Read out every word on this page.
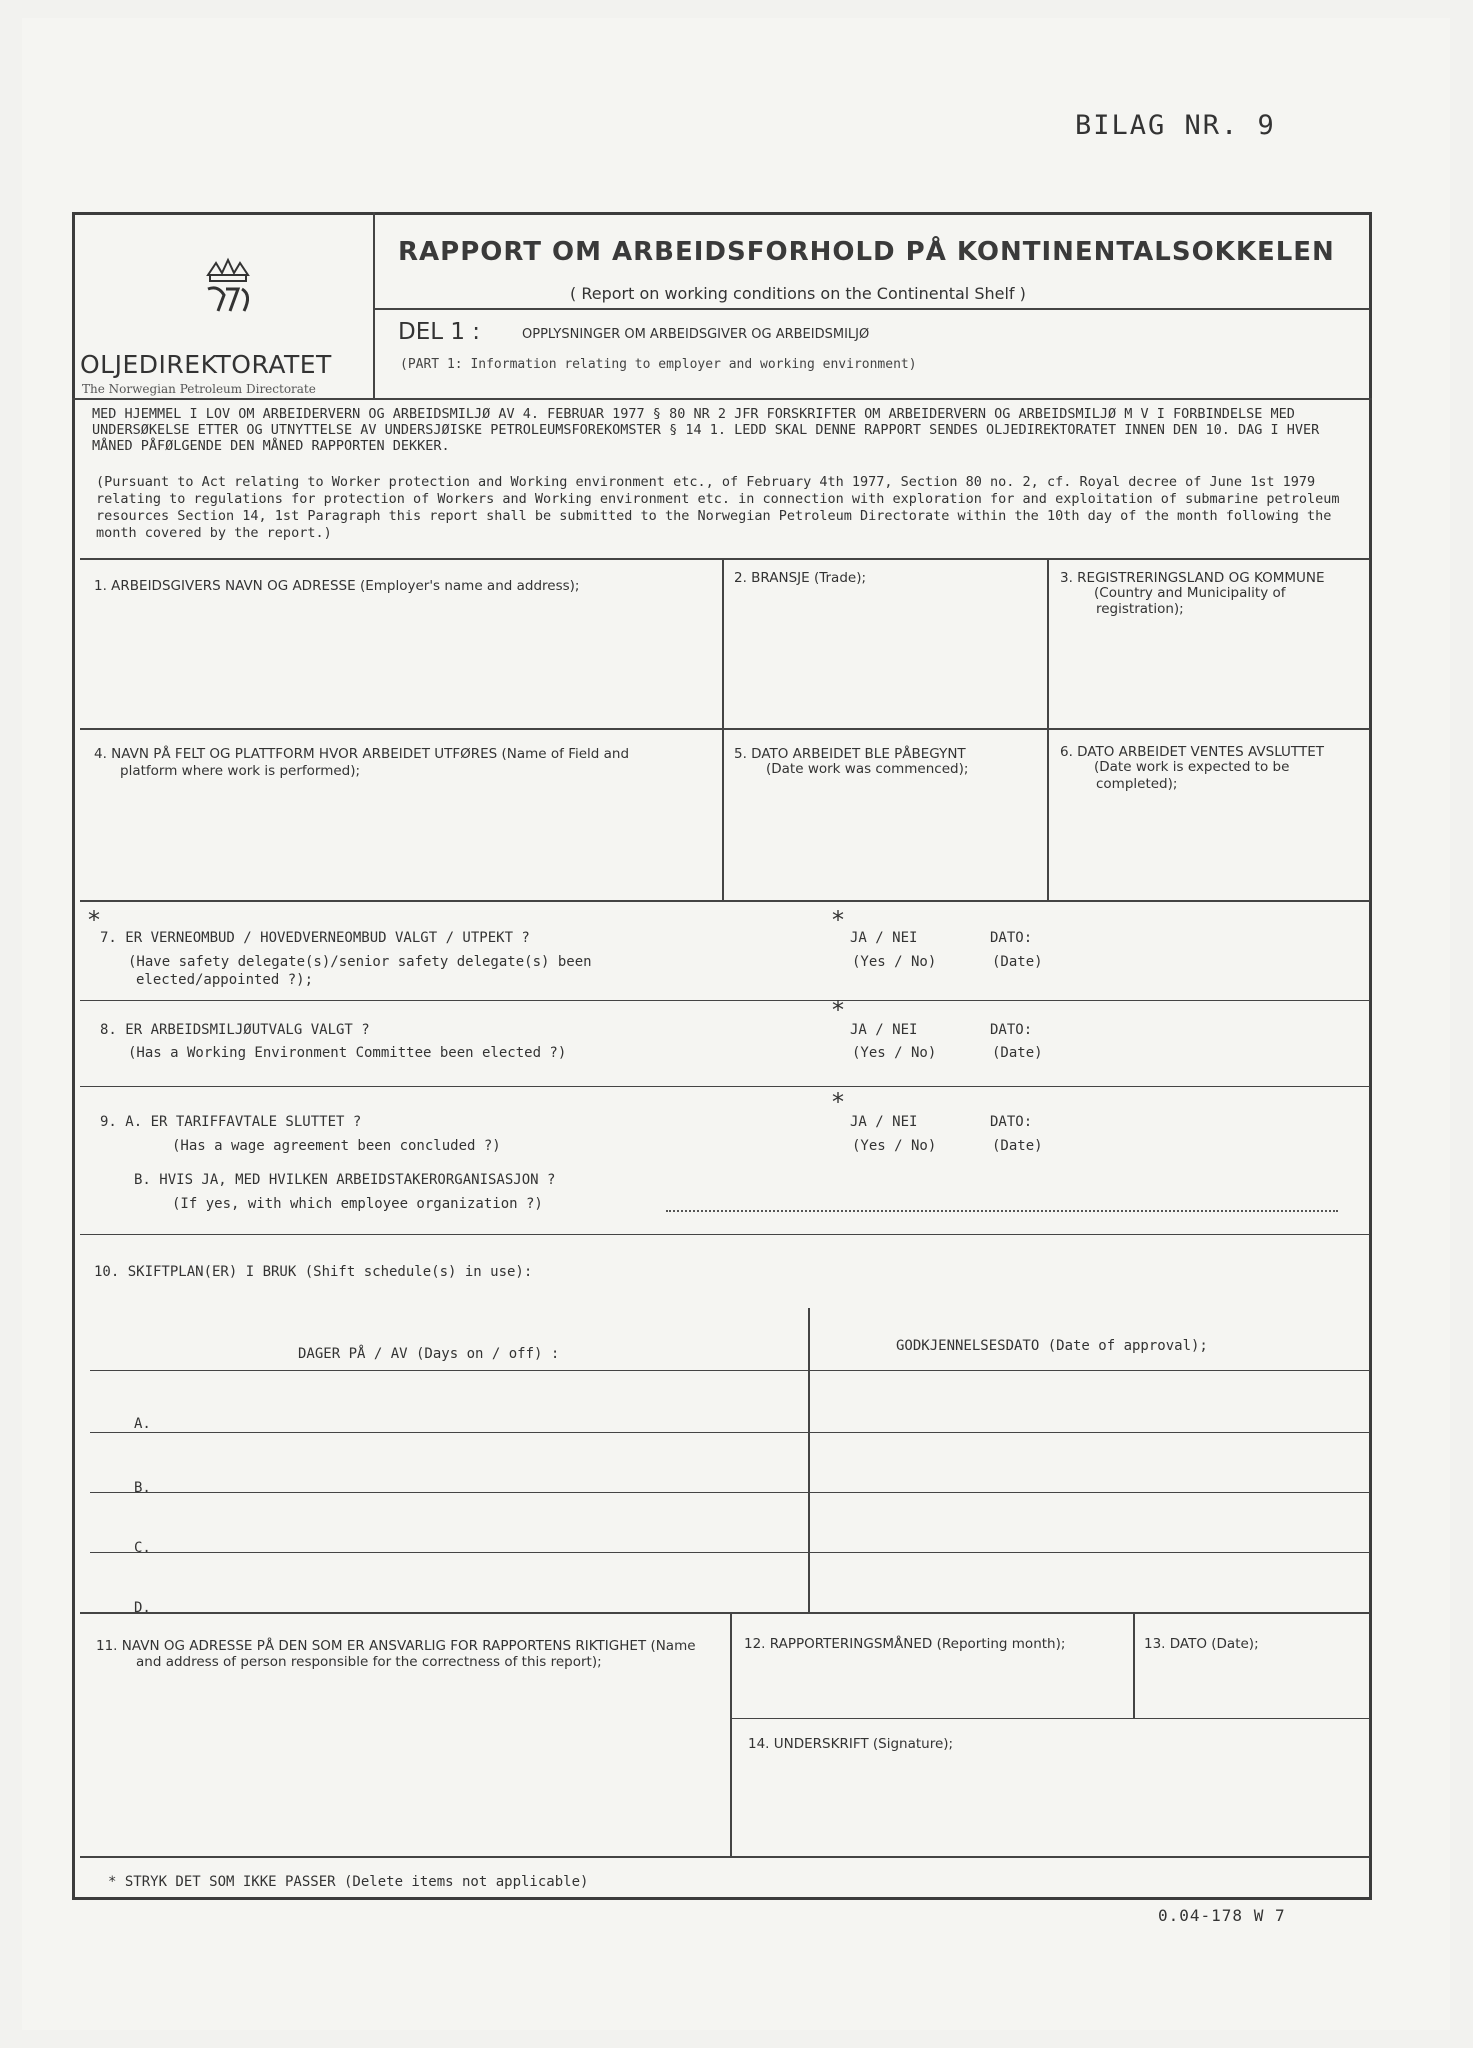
BILAG NR. 9
OLJEDIREKTORATET
The Norwegian Petroleum Directorate
RAPPORT OM ARBEIDSFORHOLD PÅ KONTINENTALSOKKELEN
( Report on working conditions on the Continental Shelf )
DEL 1 :	OPPLYSNINGER OM ARBEIDSGIVER OG ARBEIDSMILJØ
(PART 1: Information relating to employer and working environment)
MED HJEMMEL I LOV OM ARBEIDERVERN OG ARBEIDSMILJØ AV 4. FEBRUAR 1977 § 80 NR 2 JFR FORSKRIFTER OM ARBEIDERVERN OG ARBEIDSMILJØ M V I FORBINDELSE MED UNDERSØKELSE ETTER OG UTNYTTELSE AV UNDERSJØISKE PETROLEUMSFOREKOMSTER § 14 1. LEDD SKAL DENNE RAPPORT SENDES OLJEDIREKTORATET INNEN DEN 10. DAG I HVER MÅNED PÅFØLGENDE DEN MÅNED RAPPORTEN DEKKER.
(Pursuant to Act relating to Worker protection and Working environment etc., of February 4th 1977, Section 80 no. 2, cf. Royal decree of June 1st 1979 relating to regulations for protection of Workers and Working environment etc. in connection with exploration for and exploitation of submarine petroleum resources Section 14, 1st Paragraph this report shall be submitted to the Norwegian Petroleum Directorate within the 10th day of the month following the month covered by the report.)
1. ARBEIDSGIVERS NAVN OG ADRESSE (Employer's name and address);	2. BRANSJE (Trade);	3. REGISTRERINGSLAND OG KOMMUNE
(Country and Municipality of
registration);
4. NAVN PÅ FELT OG PLATTFORM HVOR ARBEIDET UTFØRES (Name of Field and
platform where work is performed);
5. DATO ARBEIDET BLE PÅBEGYNT
(Date work was commenced);
6. DATO ARBEIDET VENTES AVSLUTTET
(Date work is expected to be
completed);
*	*
7. ER VERNEOMBUD / HOVEDVERNEOMBUD VALGT / UTPEKT ?
(Have safety delegate(s)/senior safety delegate(s) been
elected/appointed ?);
JA / NEI
(Yes / No)
DATO:
(Date)
*
8. ER ARBEIDSMILJØUTVALG VALGT ?
(Has a Working Environment Committee been elected ?)
JA / NEI
(Yes / No)
DATO:
(Date)
*
9. A. ER TARIFFAVTALE SLUTTET ?
(Has a wage agreement been concluded ?)
JA / NEI
(Yes / No)
DATO:
(Date)
B. HVIS JA, MED HVILKEN ARBEIDSTAKERORGANISASJON ?
(If yes, with which employee organization ?)
10. SKIFTPLAN(ER) I BRUK (Shift schedule(s) in use):
DAGER PÅ / AV (Days on / off) :	GODKJENNELSESDATO (Date of approval);
A.
B.
C.
D.
11. NAVN OG ADRESSE PÅ DEN SOM ER ANSVARLIG FOR RAPPORTENS RIKTIGHET (Name
and address of person responsible for the correctness of this report);
12. RAPPORTERINGSMÅNED (Reporting month);	13. DATO (Date);
14. UNDERSKRIFT (Signature);
* STRYK DET SOM IKKE PASSER (Delete items not applicable)
0.04-178 W 7
